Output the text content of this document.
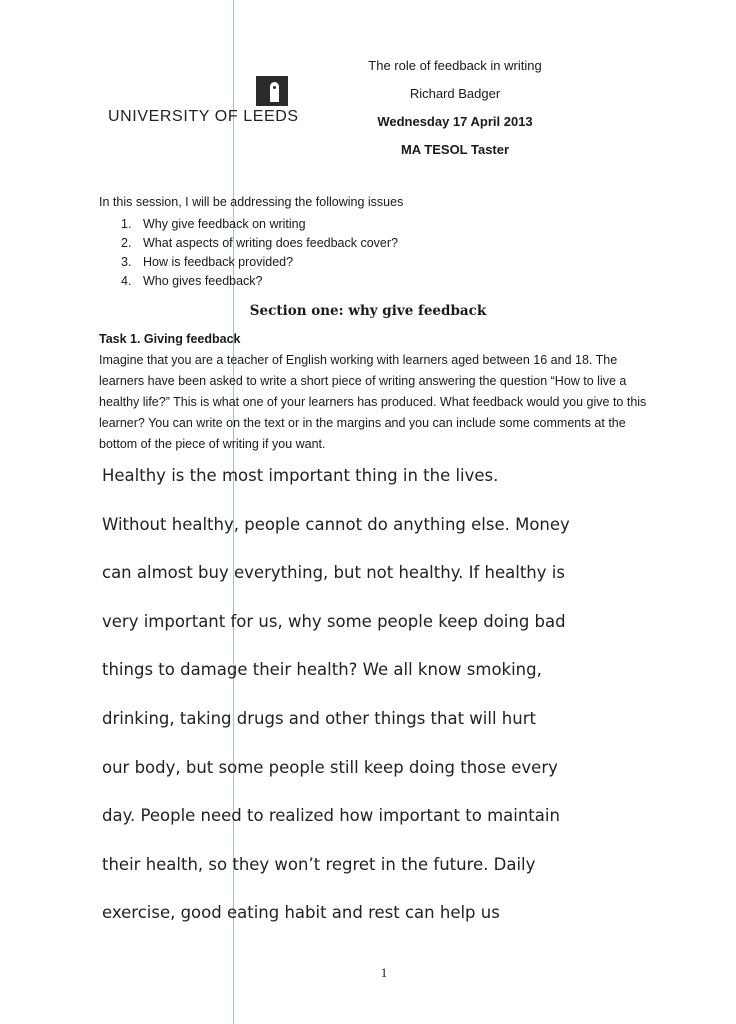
UNIVERSITY OF LEEDS
The role of feedback in writing
Richard Badger
Wednesday 17 April 2013
MA TESOL Taster
In this session, I will be addressing the following issues
1. Why give feedback on writing
2. What aspects of writing does feedback cover?
3. How is feedback provided?
4. Who gives feedback?
Section one: why give feedback
Task 1. Giving feedback
Imagine that you are a teacher of English working with learners aged between 16 and 18. The learners have been asked to write a short piece of writing answering the question “How to live a healthy life?” This is what one of your learners has produced. What feedback would you give to this learner? You can write on the text or in the margins and you can include some comments at the bottom of the piece of writing if you want.
Healthy is the most important thing in the lives.
Without healthy, people cannot do anything else. Money
can almost buy everything, but not healthy. If healthy is
very important for us, why some people keep doing bad
things to damage their health? We all know smoking,
drinking, taking drugs and other things that will hurt
our body, but some people still keep doing those every
day. People need to realized how important to maintain
their health, so they won’t regret in the future. Daily
exercise, good eating habit and rest can help us
1
